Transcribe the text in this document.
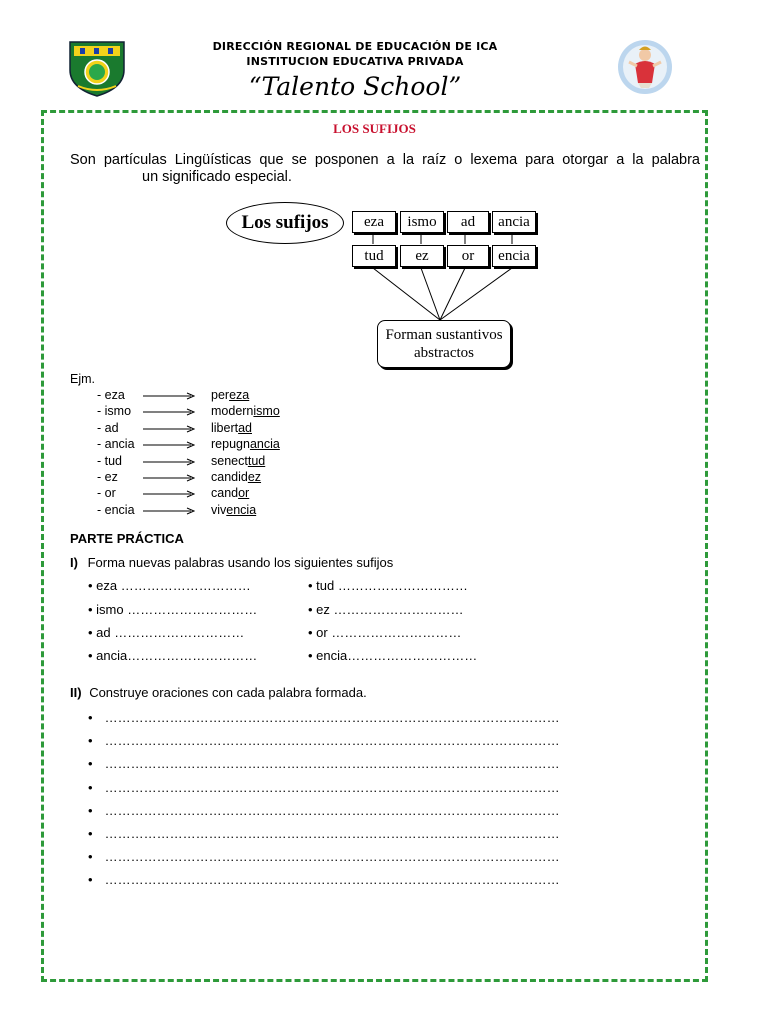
DIRECCIÓN REGIONAL DE EDUCACIÓN DE ICA
INSTITUCION EDUCATIVA PRIVADA
“Talento School”
LOS SUFIJOS
Son partículas Lingüísticas que se posponen a la raíz o lexema para otorgar a la palabra
un significado especial.
Los sufijos	eza	ismo	ad	ancia
tud	ez	or	encia
Forman sustantivos
abstractos
Ejm.
- eza	pereza
- ismo	modernismo
- ad	libertad
- ancia	repugnancia
- tud	senecttud
- ez	candidez
- or	candor
- encia	vivencia
PARTE PRÁCTICA
I) Forma nuevas palabras usando los siguientes sufijos
• eza …………………………
• ismo …………………………
• ad …………………………
• ancia…………………………
• tud …………………………
• ez …………………………
• or …………………………
• encia…………………………
II) Construye oraciones con cada palabra formada.
• ……………………………………………………………………………………………
• ……………………………………………………………………………………………
• ……………………………………………………………………………………………
• ……………………………………………………………………………………………
• ……………………………………………………………………………………………
• ……………………………………………………………………………………………
• ……………………………………………………………………………………………
• ……………………………………………………………………………………………
